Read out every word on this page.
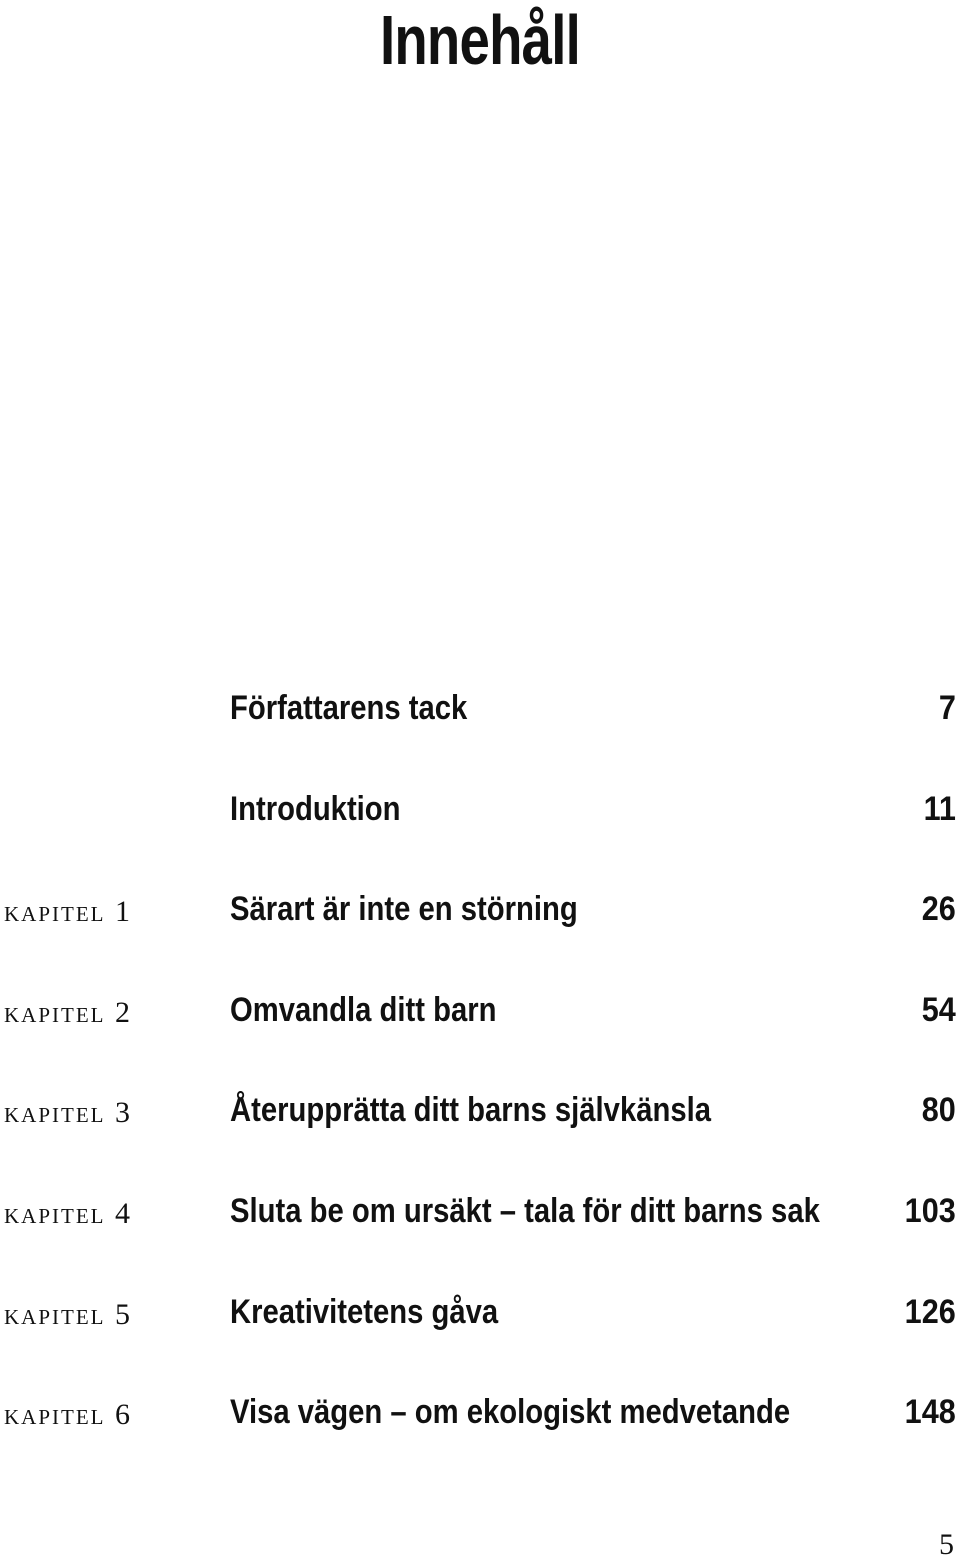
Innehåll
Författarens tack	7
Introduktion	11
kapitel 1	Särart är inte en störning	26
kapitel 2	Omvandla ditt barn	54
kapitel 3	Återupprätta ditt barns självkänsla	80
kapitel 4	Sluta be om ursäkt – tala för ditt barns sak	103
kapitel 5	Kreativitetens gåva	126
kapitel 6	Visa vägen – om ekologiskt medvetande	148
5
